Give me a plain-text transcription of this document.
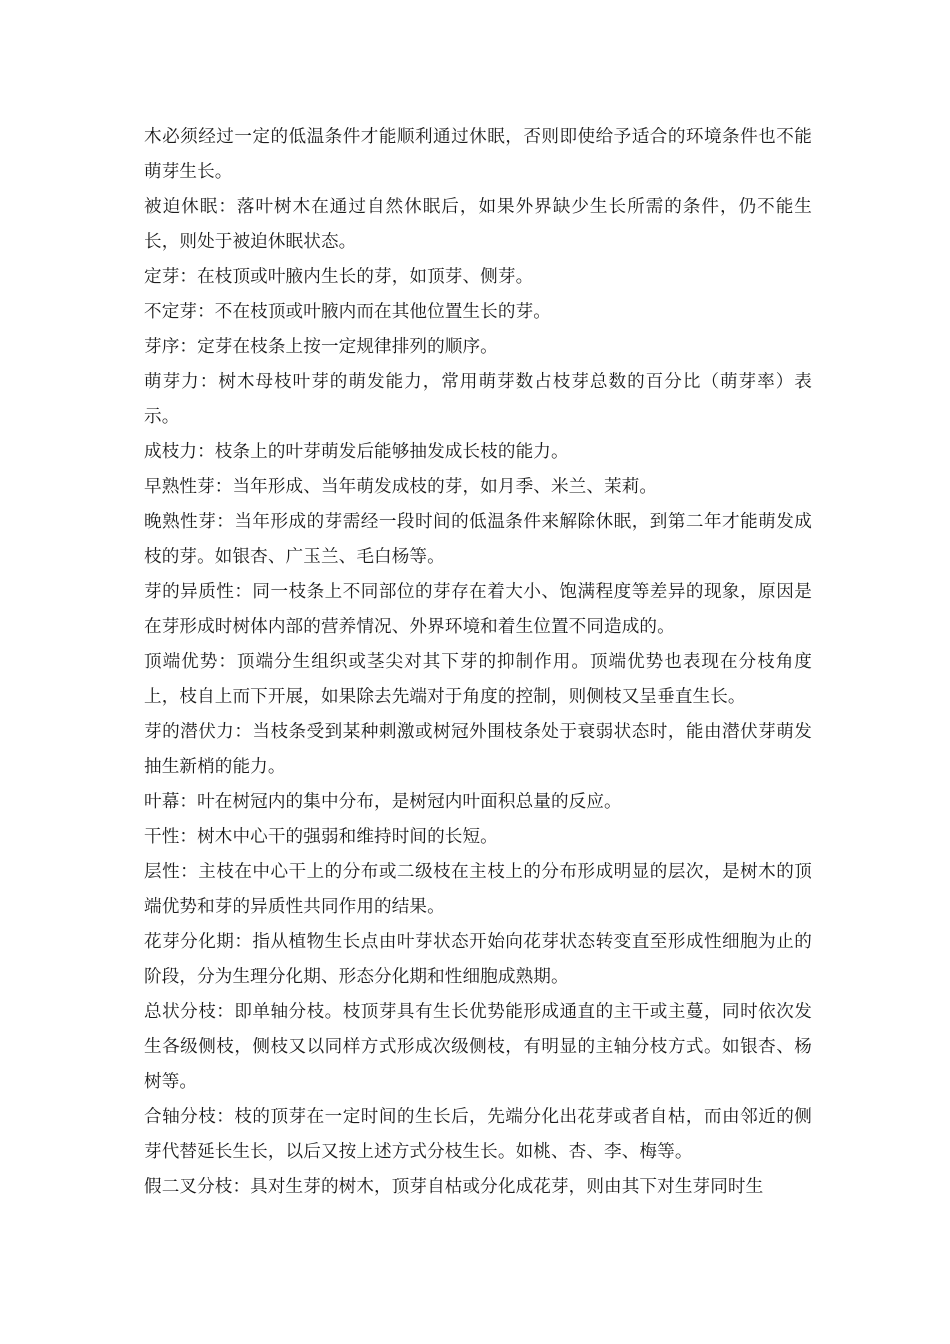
木必须经过一定的低温条件才能顺利通过休眠，否则即使给予适合的环境条件也不能萌芽生长。

被迫休眠：落叶树木在通过自然休眠后，如果外界缺少生长所需的条件，仍不能生长，则处于被迫休眠状态。

定芽：在枝顶或叶腋内生长的芽，如顶芽、侧芽。

不定芽：不在枝顶或叶腋内而在其他位置生长的芽。

芽序：定芽在枝条上按一定规律排列的顺序。

萌芽力：树木母枝叶芽的萌发能力，常用萌芽数占枝芽总数的百分比（萌芽率）表示。

成枝力：枝条上的叶芽萌发后能够抽发成长枝的能力。

早熟性芽：当年形成、当年萌发成枝的芽，如月季、米兰、茉莉。

晚熟性芽：当年形成的芽需经一段时间的低温条件来解除休眠，到第二年才能萌发成枝的芽。如银杏、广玉兰、毛白杨等。

芽的异质性：同一枝条上不同部位的芽存在着大小、饱满程度等差异的现象，原因是在芽形成时树体内部的营养情况、外界环境和着生位置不同造成的。

顶端优势：顶端分生组织或茎尖对其下芽的抑制作用。顶端优势也表现在分枝角度上，枝自上而下开展，如果除去先端对于角度的控制，则侧枝又呈垂直生长。

芽的潜伏力：当枝条受到某种刺激或树冠外围枝条处于衰弱状态时，能由潜伏芽萌发抽生新梢的能力。

叶幕：叶在树冠内的集中分布，是树冠内叶面积总量的反应。

干性：树木中心干的强弱和维持时间的长短。

层性：主枝在中心干上的分布或二级枝在主枝上的分布形成明显的层次，是树木的顶端优势和芽的异质性共同作用的结果。

花芽分化期：指从植物生长点由叶芽状态开始向花芽状态转变直至形成性细胞为止的阶段，分为生理分化期、形态分化期和性细胞成熟期。

总状分枝：即单轴分枝。枝顶芽具有生长优势能形成通直的主干或主蔓，同时依次发生各级侧枝，侧枝又以同样方式形成次级侧枝，有明显的主轴分枝方式。如银杏、杨树等。

合轴分枝：枝的顶芽在一定时间的生长后，先端分化出花芽或者自枯，而由邻近的侧芽代替延长生长，以后又按上述方式分枝生长。如桃、杏、李、梅等。

假二叉分枝：具对生芽的树木，顶芽自枯或分化成花芽，则由其下对生芽同时生
